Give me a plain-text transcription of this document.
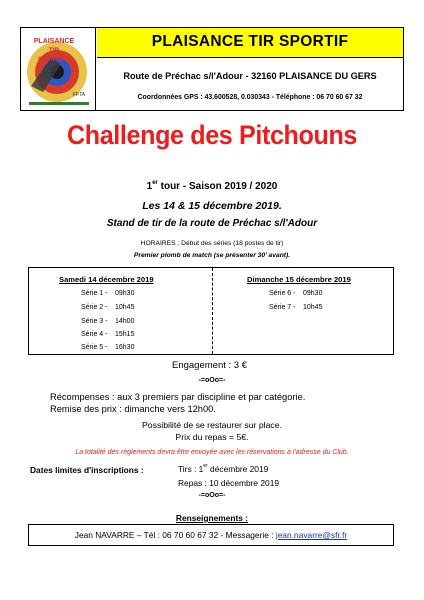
PLAISANCE
TIR
SPORTIF
FFTA
PLAISANCE TIR SPORTIF
Route de Préchac s/l'Adour - 32160 PLAISANCE DU GERS
Coordonnées GPS : 43.600528, 0.030343 - Téléphone : 06 70 60 67 32
Challenge des Pitchouns
1er tour - Saison 2019 / 2020
Les 14 & 15 décembre 2019.
Stand de tir de la route de Préchac s/l'Adour
HORAIRES : Début des séries (18 postes de tir)
Premier plomb de match (se présenter 30' avant).
Samedi 14 décembre 2019	Dimanche 15 décembre 2019
Série 1 - 09h30
Série 2 - 10h45
Série 3 - 14h00
Série 4 - 15h15
Série 5 - 16h30
Série 6 - 09h30
Série 7 - 10h45
Engagement : 3 €
-=oOo=-
Récompenses : aux 3 premiers par discipline et par catégorie.
Remise des prix : dimanche vers 12h00.
Possibilité de se restaurer sur place.
Prix du repas = 5€.
La totalité des règlements devra être envoyée avec les réservations à l'adresse du Club.
Dates limites d'inscriptions :	Tirs : 1er décembre 2019
Repas : 10 décembre 2019
-=oOo=-
Renseignements :
Jean NAVARRE – Tél : 06 70 60 67 32 - Messagerie : jean.navarre@sfr.fr
